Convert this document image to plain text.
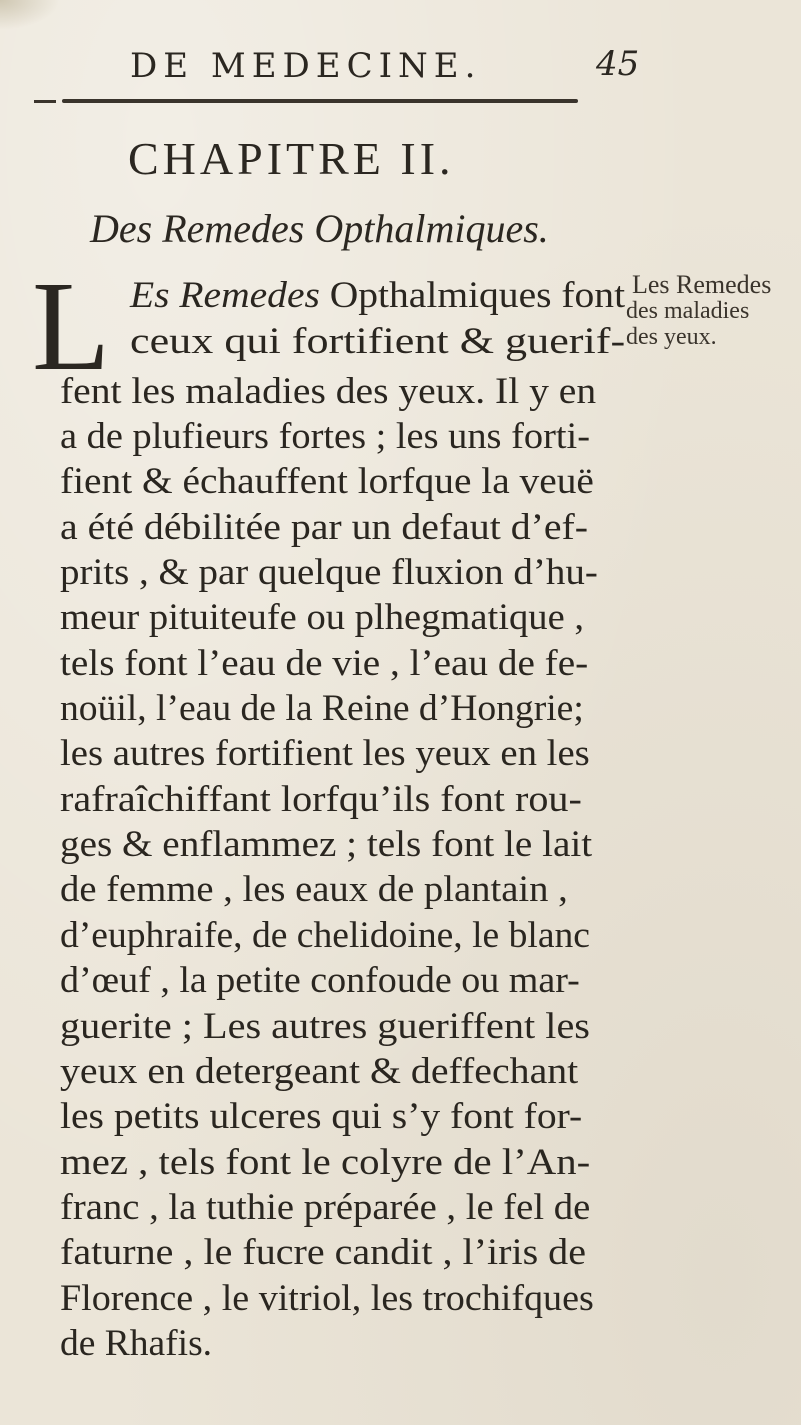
DE MEDECINE.	45
CHAPITRE II.
Des Remedes Opthalmiques.
L Es Remedes Opthalmiques font
ceux qui fortifient & guerif-
fent les maladies des yeux. Il y en
a de plufieurs fortes ; les uns forti-
fient & échauffent lorfque la veuë
a été débilitée par un defaut d’ef-
prits , & par quelque fluxion d’hu-
meur pituiteufe ou plhegmatique ,
tels font l’eau de vie , l’eau de fe-
noüil, l’eau de la Reine d’Hongrie;
les autres fortifient les yeux en les
rafraîchiffant lorfqu’ils font rou-
ges & enflammez ; tels font le lait
de femme , les eaux de plantain ,
d’euphraife, de chelidoine, le blanc
d’œuf , la petite confoude ou mar-
guerite ; Les autres gueriffent les
yeux en detergeant & deffechant
les petits ulceres qui s’y font for-
mez , tels font le colyre de l’An-
franc , la tuthie préparée , le fel de
faturne , le fucre candit , l’iris de
Florence , le vitriol, les trochifques
de Rhafis.
Les Remedes
des maladies
des yeux.
